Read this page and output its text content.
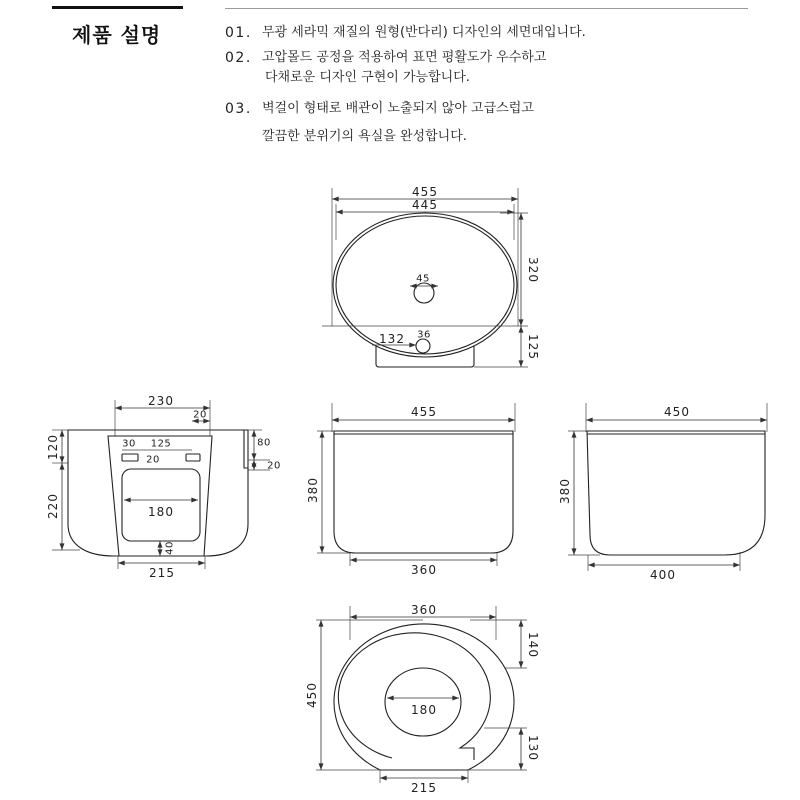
제품 설명	01. 무광 세라믹 재질의 원형(반다리) 디자인의 세면대입니다.
02. 고압몰드 공정을 적용하여 표면 평활도가 우수하고
다채로운 디자인 구현이 가능합니다.
03. 벽걸이 형태로 배관이 노출되지 않아 고급스럽고
깔끔한 분위기의 욕실을 완성합니다.
455
445
320
125
45
132 36
230
20
30 125
20
180
40
120
220
80
20
215
455
380
360
450
380
400
360
180
450
140
130
215
